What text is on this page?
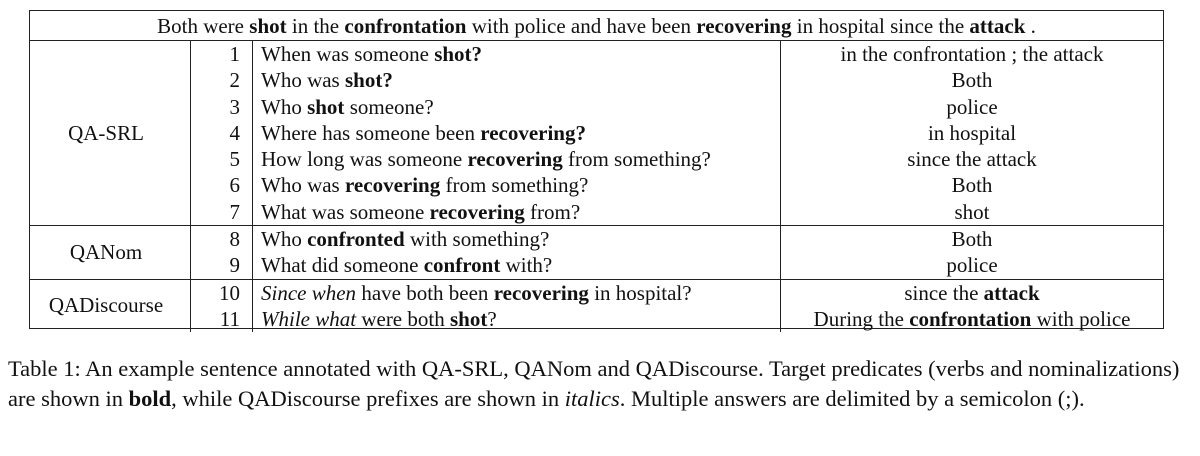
Both were shot in the confrontation with police and have been recovering in hospital since the attack .
QA-SRL
1	When was someone shot?	in the confrontation ; the attack
2	Who was shot?	Both
3	Who shot someone?	police
4	Where has someone been recovering?	in hospital
5	How long was someone recovering from something?	since the attack
6	Who was recovering from something?	Both
7	What was someone recovering from?	shot
QANom
8	Who confronted with something?	Both
9	What did someone confront with?	police
QADiscourse
10	Since when have both been recovering in hospital?	since the attack
11	While what were both shot?	During the confrontation with police
Table 1: An example sentence annotated with QA-SRL, QANom and QADiscourse. Target predicates (verbs and nominalizations) are shown in bold, while QADiscourse prefixes are shown in italics. Multiple answers are delimited by a semicolon (;).
